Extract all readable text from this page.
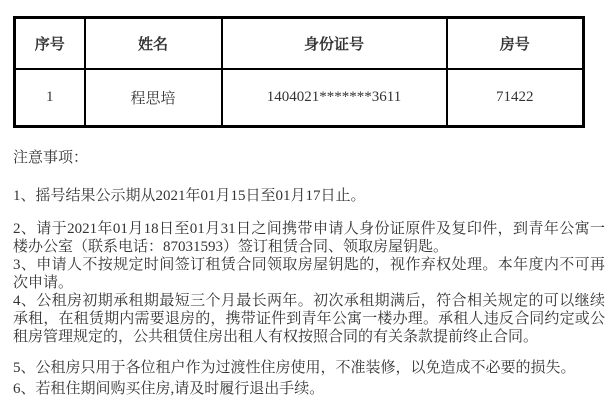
序号	姓名	身份证号	房号
1	程思培	1404021*******3611	71422

注意事项：

1、摇号结果公示期从2021年01月15日至01月17日止。

2、请于2021年01月18日至01月31日之间携带申请人身份证原件及复印件，到青年公寓一楼办公室（联系电话：87031593）签订租赁合同、领取房屋钥匙。

3、申请人不按规定时间签订租赁合同领取房屋钥匙的，视作弃权处理。本年度内不可再次申请。

4、公租房初期承租期最短三个月最长两年。初次承租期满后，符合相关规定的可以继续承租，在租赁期内需要退房的，携带证件到青年公寓一楼办理。承租人违反合同约定或公租房管理规定的，公共租赁住房出租人有权按照合同的有关条款提前终止合同。

5、公租房只用于各位租户作为过渡性住房使用，不准装修，以免造成不必要的损失。

6、若租住期间购买住房,请及时履行退出手续。
